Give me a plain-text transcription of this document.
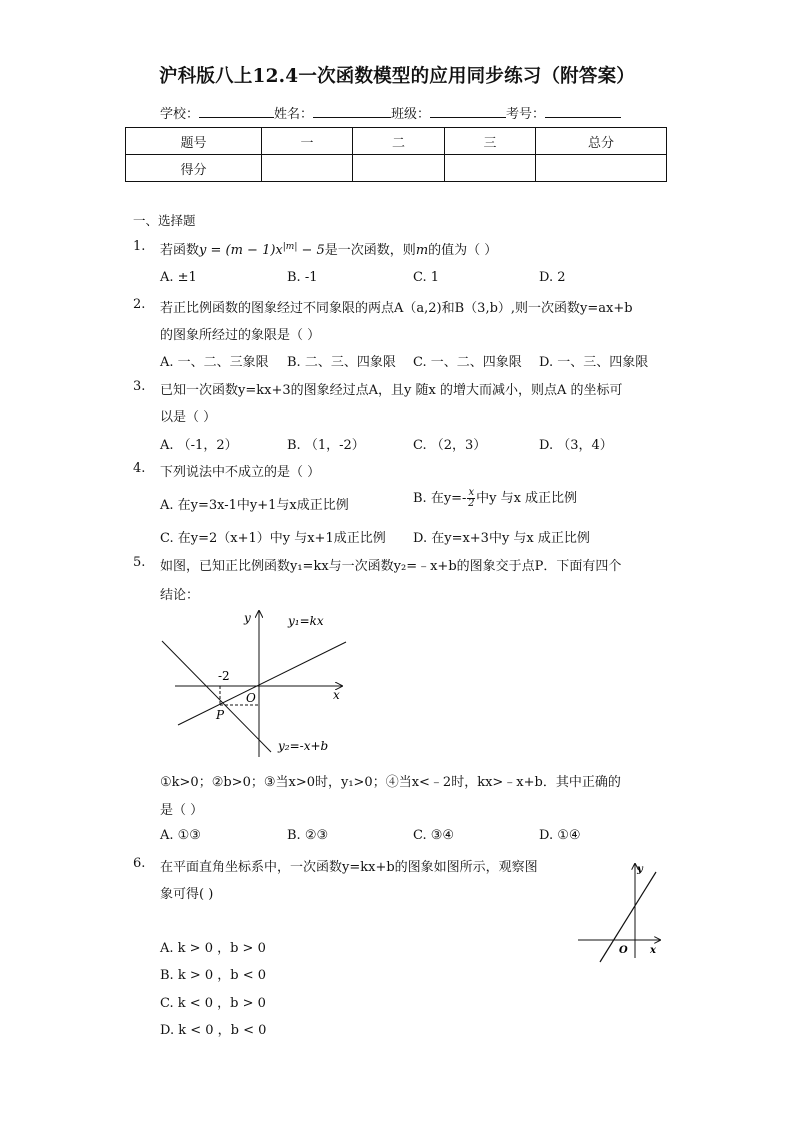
沪科版八上12.4一次函数模型的应用同步练习（附答案）
学校：	姓名：	班级：	考号：
题号	一	二	三	总分
得分				
一、选择题
1. 若函数$y = (m - 1)x^{|m|} - 5$是一次函数，则m的值为（ ）
A. ±1	B. -1	C. 1	D. 2
2. 若正比例函数的图象经过不同象限的两点A（a,2)和B（3,b）,则一次函数y=ax+b
的图象所经过的象限是（ ）
A. 一、二、三象限 B. 二、三、四象限 C. 一、二、四象限 D. 一、三、四象限
3. 已知一次函数y=kx+3的图象经过点A，且y 随x 的增大而减小，则点A 的坐标可
以是（ ）
A. （-1，2）	B. （1，-2）	C. （2，3）	D. （3，4）
4. 下列说法中不成立的是（ ）
A. 在y=3x-1中y+1与x成正比例	B. 在$y=- \frac{x}{2}$ 中y 与x 成正比例
C. 在y=2（x+1）中y 与x+1成正比例 D. 在y=x+3中y 与x 成正比例
5. 如图，已知正比例函数y₁=kx与一次函数y₂=﹣x+b的图象交于点P．下面有四个
结论：
y
x
y₁=kx
y₂=-x+b
-2
O
P
①k>0；②b>0；③当x>0时，y₁>0；④当x<﹣2时，kx>﹣x+b．其中正确的
是（ ）
A. ①③	B. ②③	C. ③④	D. ①④
6. 在平面直角坐标系中，一次函数y=kx+b的图象如图所示，观察图
象可得( )
A. k > 0 ，b > 0
B. k > 0 ，b < 0
C. k < 0 ，b > 0
D. k < 0 ，b < 0
y
x
O
